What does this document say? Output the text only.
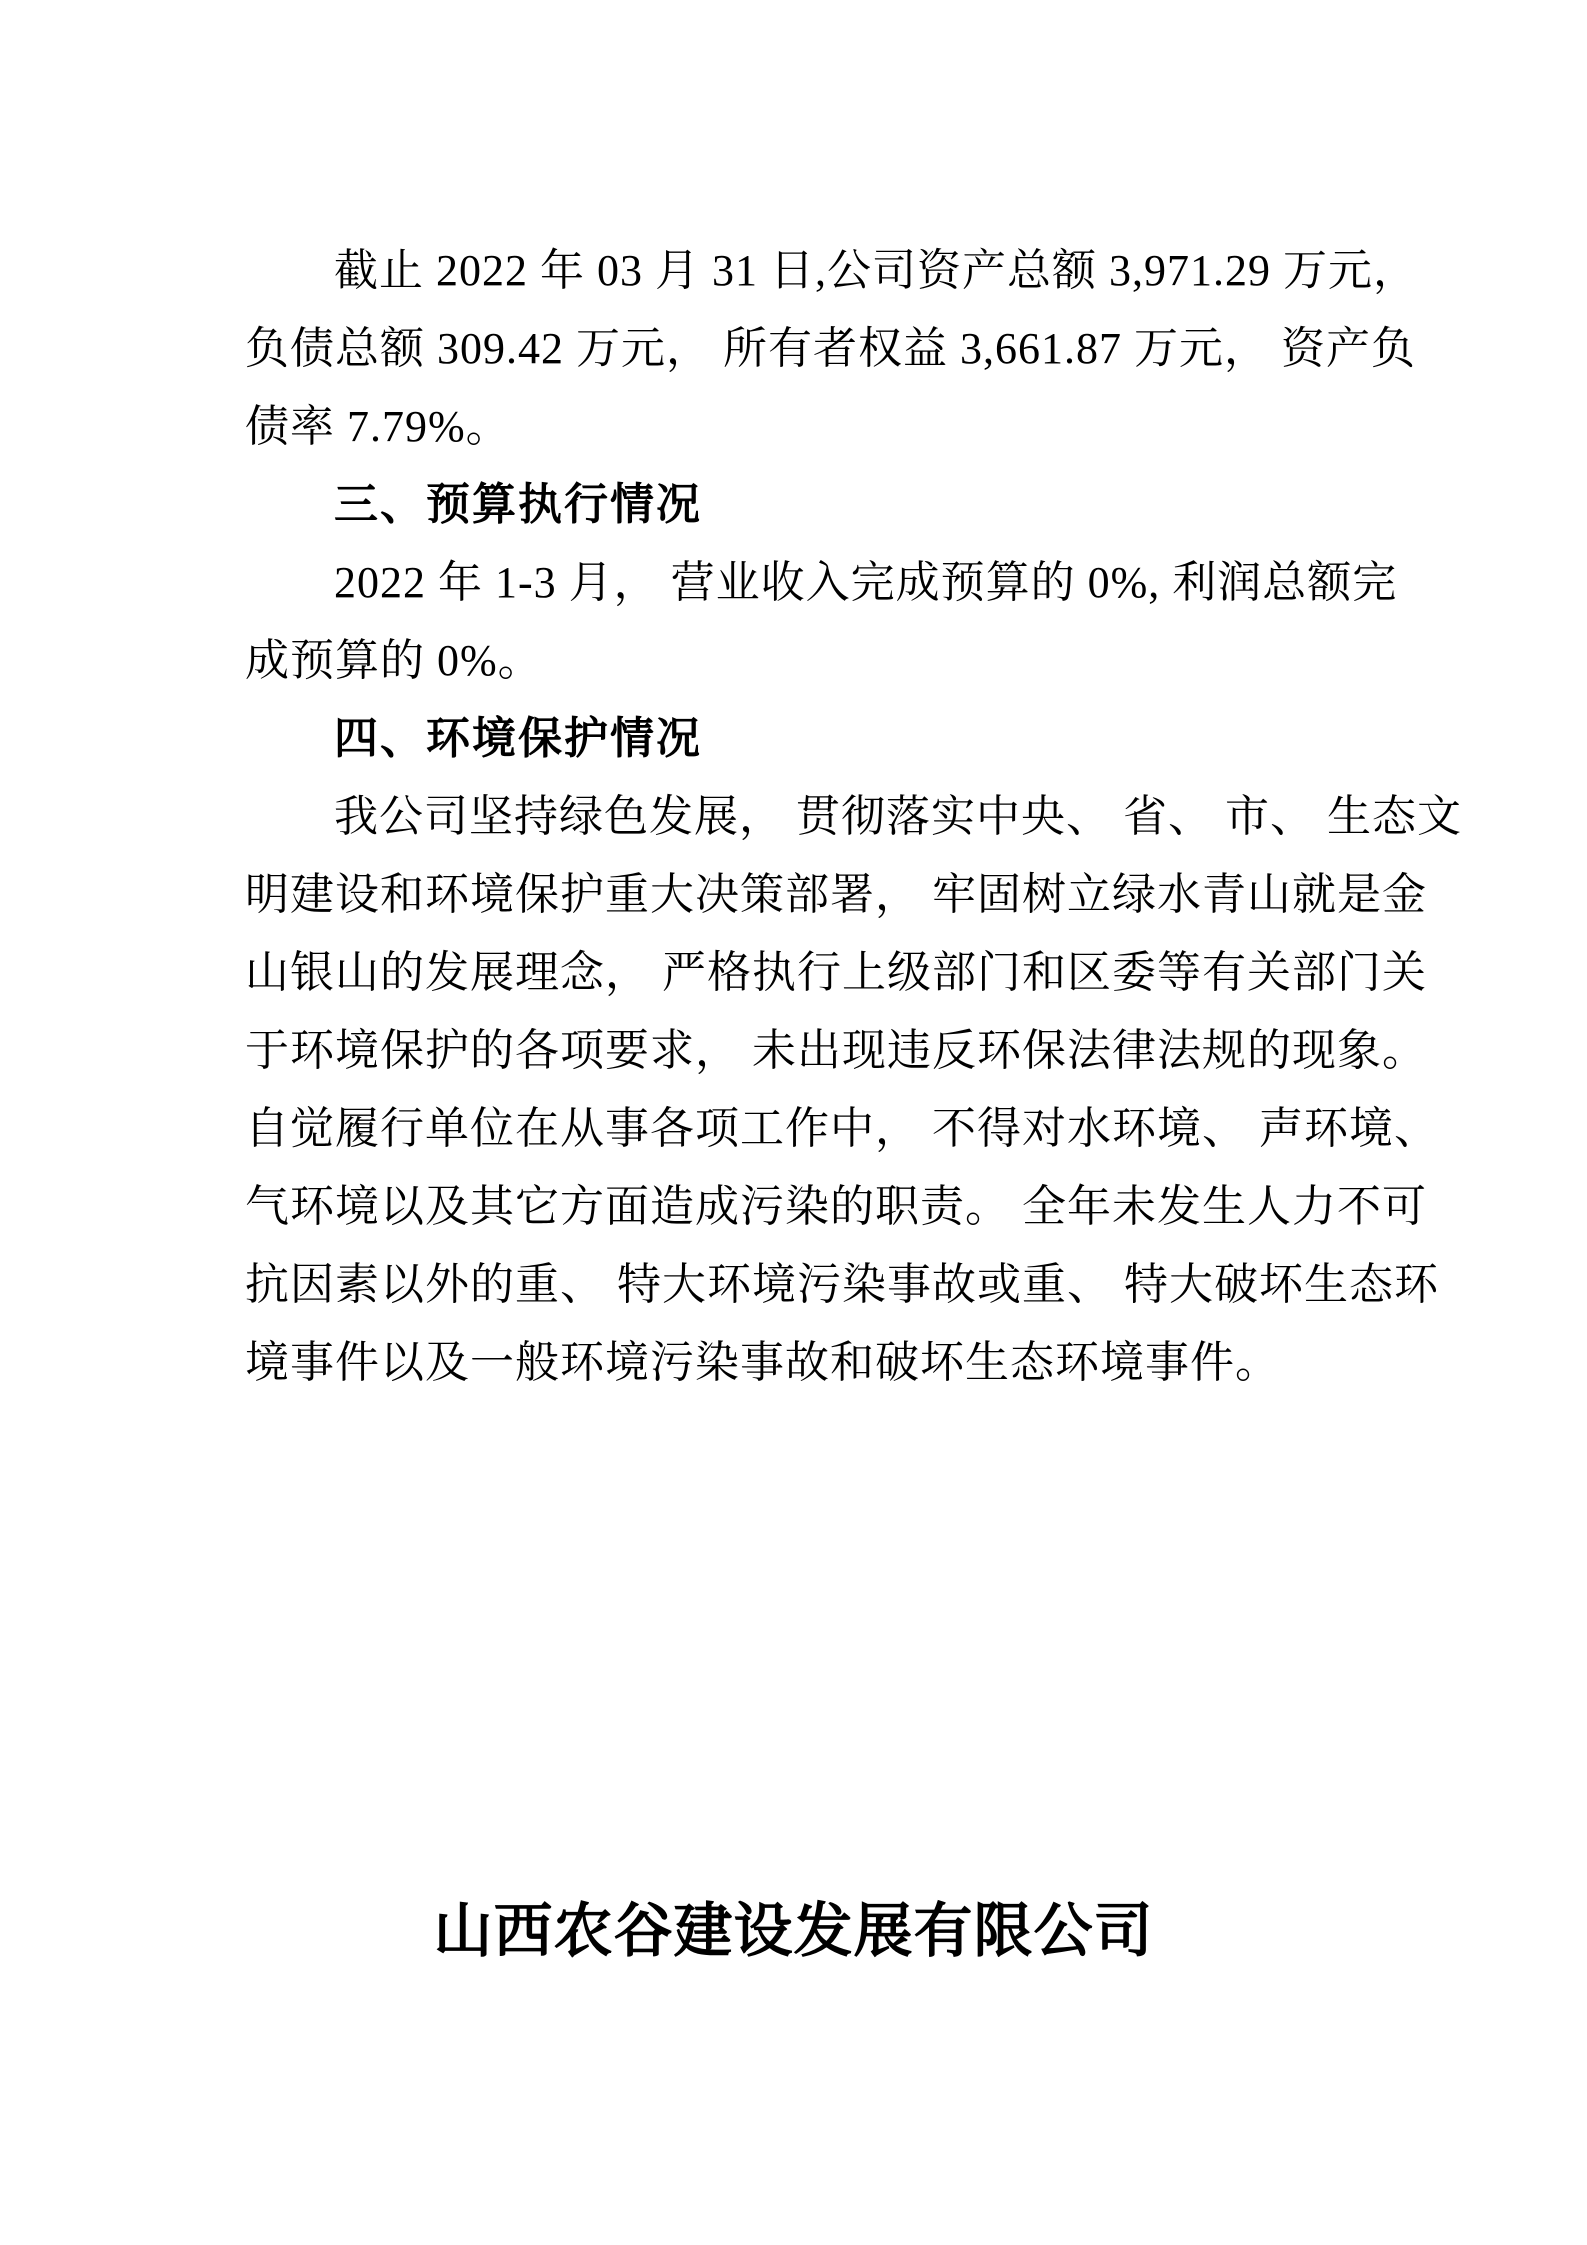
截止 2022 年 03 月 31 日,公司资产总额 3,971.29 万元，
负债总额 309.42 万元， 所有者权益 3,661.87 万元， 资产负
债率 7.79%。
三、预算执行情况
2022 年 1-3 月， 营业收入完成预算的 0%, 利润总额完
成预算的 0%。
四、环境保护情况
我公司坚持绿色发展， 贯彻落实中央、 省、 市、 生态文
明建设和环境保护重大决策部署， 牢固树立绿水青山就是金
山银山的发展理念， 严格执行上级部门和区委等有关部门关
于环境保护的各项要求， 未出现违反环保法律法规的现象。
自觉履行单位在从事各项工作中， 不得对水环境、 声环境、
气环境以及其它方面造成污染的职责。 全年未发生人力不可
抗因素以外的重、 特大环境污染事故或重、 特大破坏生态环
境事件以及一般环境污染事故和破坏生态环境事件。
山西农谷建设发展有限公司
